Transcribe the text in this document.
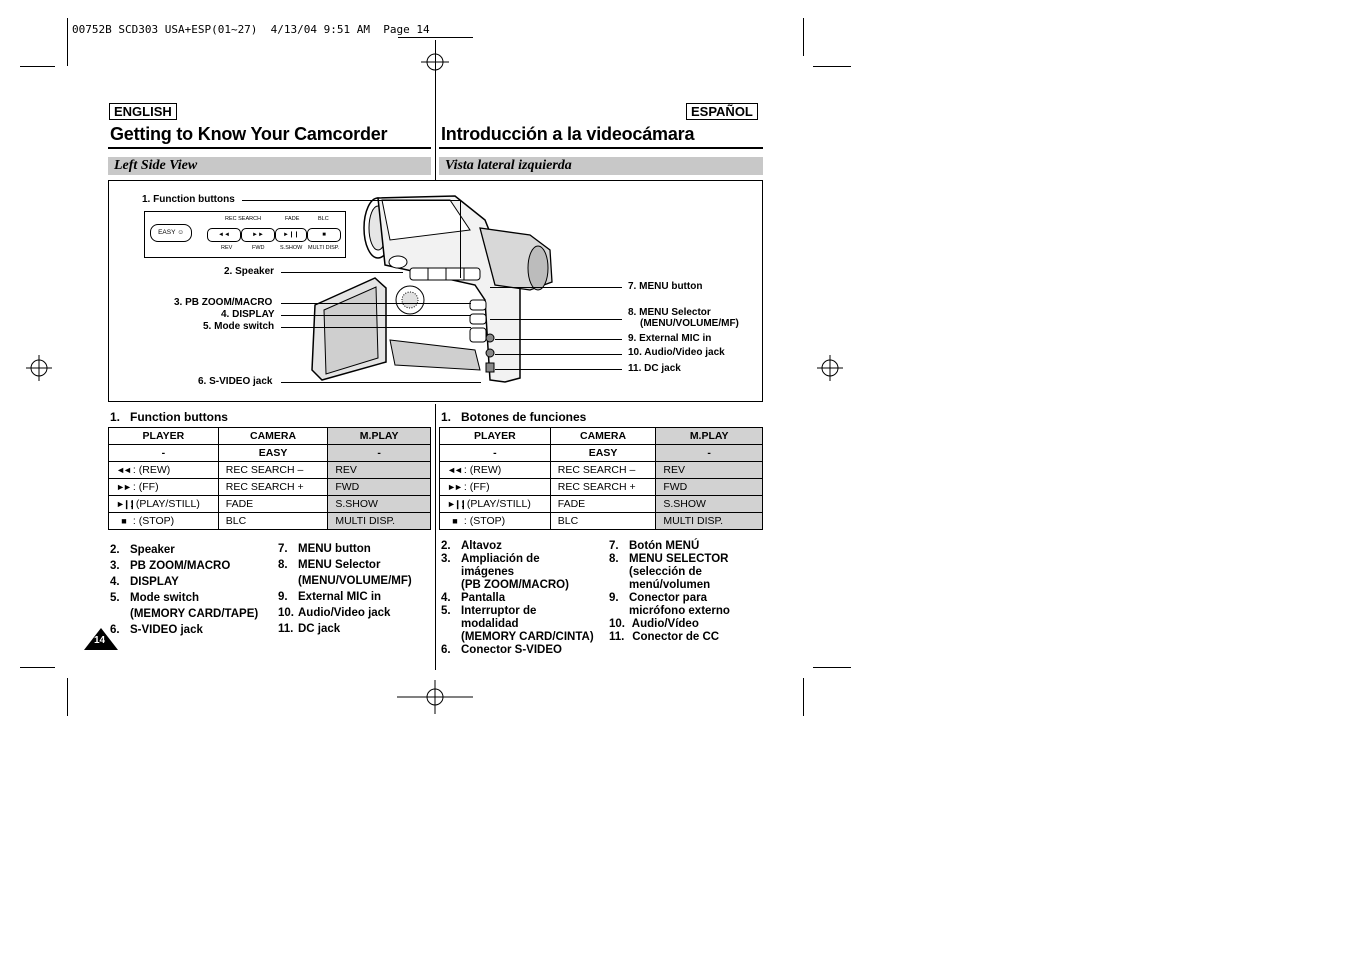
00752B SCD303 USA+ESP(01~27)  4/13/04 9:51 AM  Page 14
ENGLISH	ESPAÑOL
Getting to Know Your Camcorder	Introducción a la videocámara
Left Side View	Vista lateral izquierda
EASY ☺
REC SEARCH	FADE	BLC
◄◄	►►	►❙❙	■
REV	FWD	S.SHOW MULTI DISP.
1. Function buttons
2. Speaker
3. PB ZOOM/MACRO
4. DISPLAY
5. Mode switch
6. S-VIDEO jack
7. MENU button
8. MENU Selector
(MENU/VOLUME/MF)
9. External MIC in
10. Audio/Video jack
11. DC jack
1.   Function buttons
PLAYER	CAMERA	M.PLAY
-	EASY	-
◄◄ : (REW)	REC SEARCH –	REV
►► : (FF)	REC SEARCH +	FWD
►❙❙: (PLAY/STILL)	FADE	S.SHOW
■ : (STOP)	BLC	MULTI DISP.
2. Speaker
3. PB ZOOM/MACRO
4. DISPLAY
5. Mode switch
(MEMORY CARD/TAPE)
6. S-VIDEO jack
7. MENU button
8. MENU Selector
(MENU/VOLUME/MF)
9. External MIC in
10. Audio/Video jack
11. DC jack
14
1.   Botones de funciones
PLAYER	CAMERA	M.PLAY
-	EASY	-
◄◄ : (REW)	REC SEARCH –	REV
►► : (FF)	REC SEARCH +	FWD
►❙❙: (PLAY/STILL)	FADE	S.SHOW
■ : (STOP)	BLC	MULTI DISP.
2. Altavoz
3. Ampliación de
imágenes
(PB ZOOM/MACRO)
4. Pantalla
5. Interruptor de
modalidad
(MEMORY CARD/CINTA)
6. Conector S-VIDEO
7. Botón MENÚ
8. MENU SELECTOR
(selección de
menú/volumen
9. Conector para
micrófono externo
10. Audio/Vídeo
11. Conector de CC
